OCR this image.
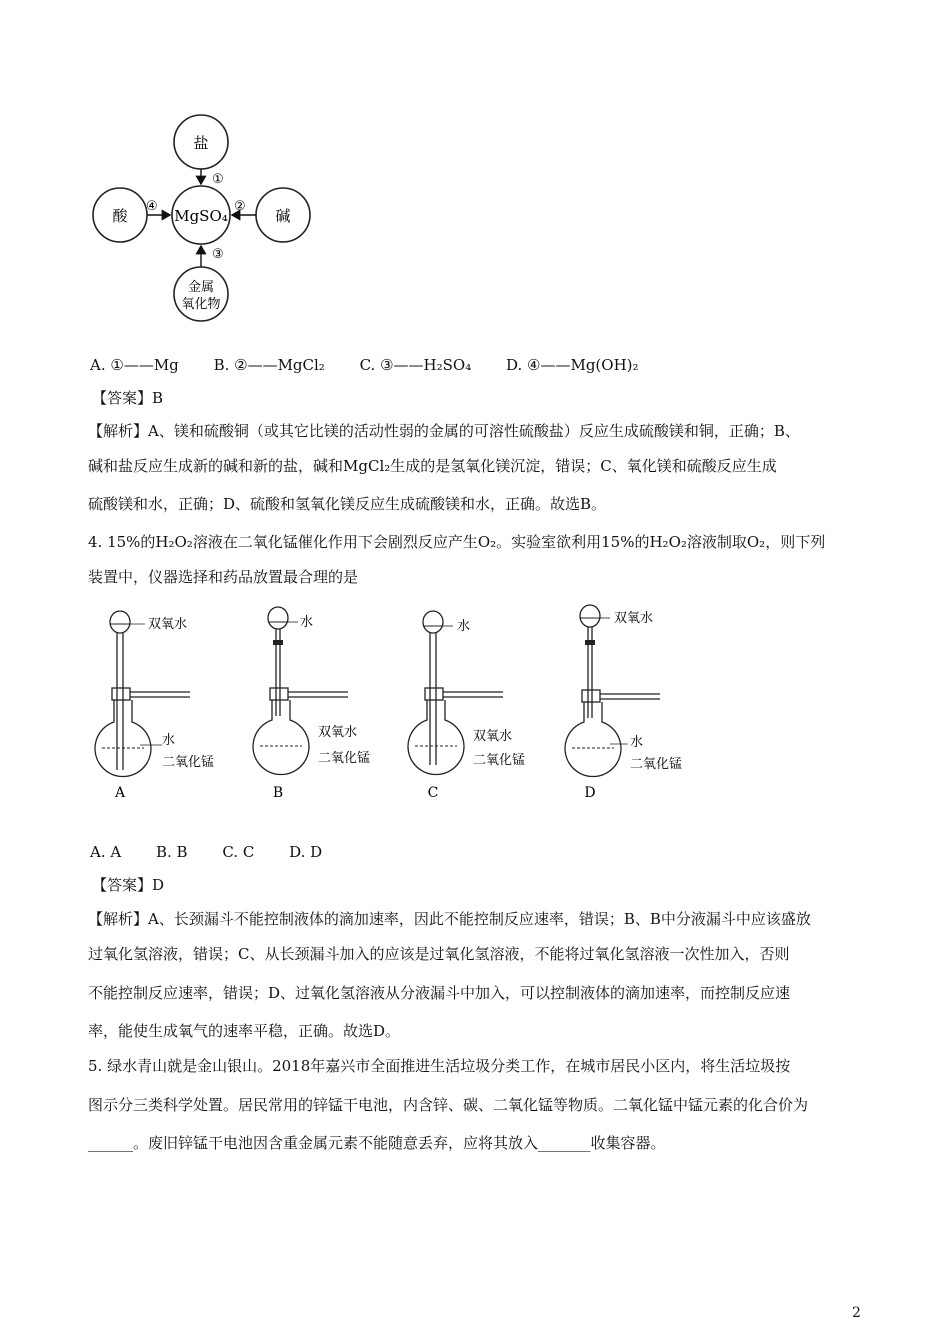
盐
酸	碱
MgSO₄
金属
氧化物
①
②
③
④
A. ①——Mg B. ②——MgCl₂ C. ③——H₂SO₄ D. ④——Mg(OH)₂
【答案】B
【解析】A、镁和硫酸铜（或其它比镁的活动性弱的金属的可溶性硫酸盐）反应生成硫酸镁和铜，正确；B、
碱和盐反应生成新的碱和新的盐，碱和MgCl₂生成的是氢氧化镁沉淀，错误；C、氧化镁和硫酸反应生成
硫酸镁和水，正确；D、硫酸和氢氧化镁反应生成硫酸镁和水，正确。故选B。
4. 15%的H₂O₂溶液在二氧化锰催化作用下会剧烈反应产生O₂。实验室欲利用15%的H₂O₂溶液制取O₂，则下列
装置中，仪器选择和药品放置最合理的是
双氧水
水
二氧化锰
A
水
双氧水
二氧化锰
B
水
双氧水
二氧化锰
C
双氧水
水
二氧化锰
D
A. A B. B C. C D. D
【答案】D
【解析】A、长颈漏斗不能控制液体的滴加速率，因此不能控制反应速率，错误；B、B中分液漏斗中应该盛放
过氧化氢溶液，错误；C、从长颈漏斗加入的应该是过氧化氢溶液，不能将过氧化氢溶液一次性加入，否则
不能控制反应速率，错误；D、过氧化氢溶液从分液漏斗中加入，可以控制液体的滴加速率，而控制反应速
率，能使生成氧气的速率平稳，正确。故选D。
5. 绿水青山就是金山银山。2018年嘉兴市全面推进生活垃圾分类工作，在城市居民小区内，将生活垃圾按
图示分三类科学处置。居民常用的锌锰干电池，内含锌、碳、二氧化锰等物质。二氧化锰中锰元素的化合价为
______。废旧锌锰干电池因含重金属元素不能随意丢弃，应将其放入_______收集容器。
2
